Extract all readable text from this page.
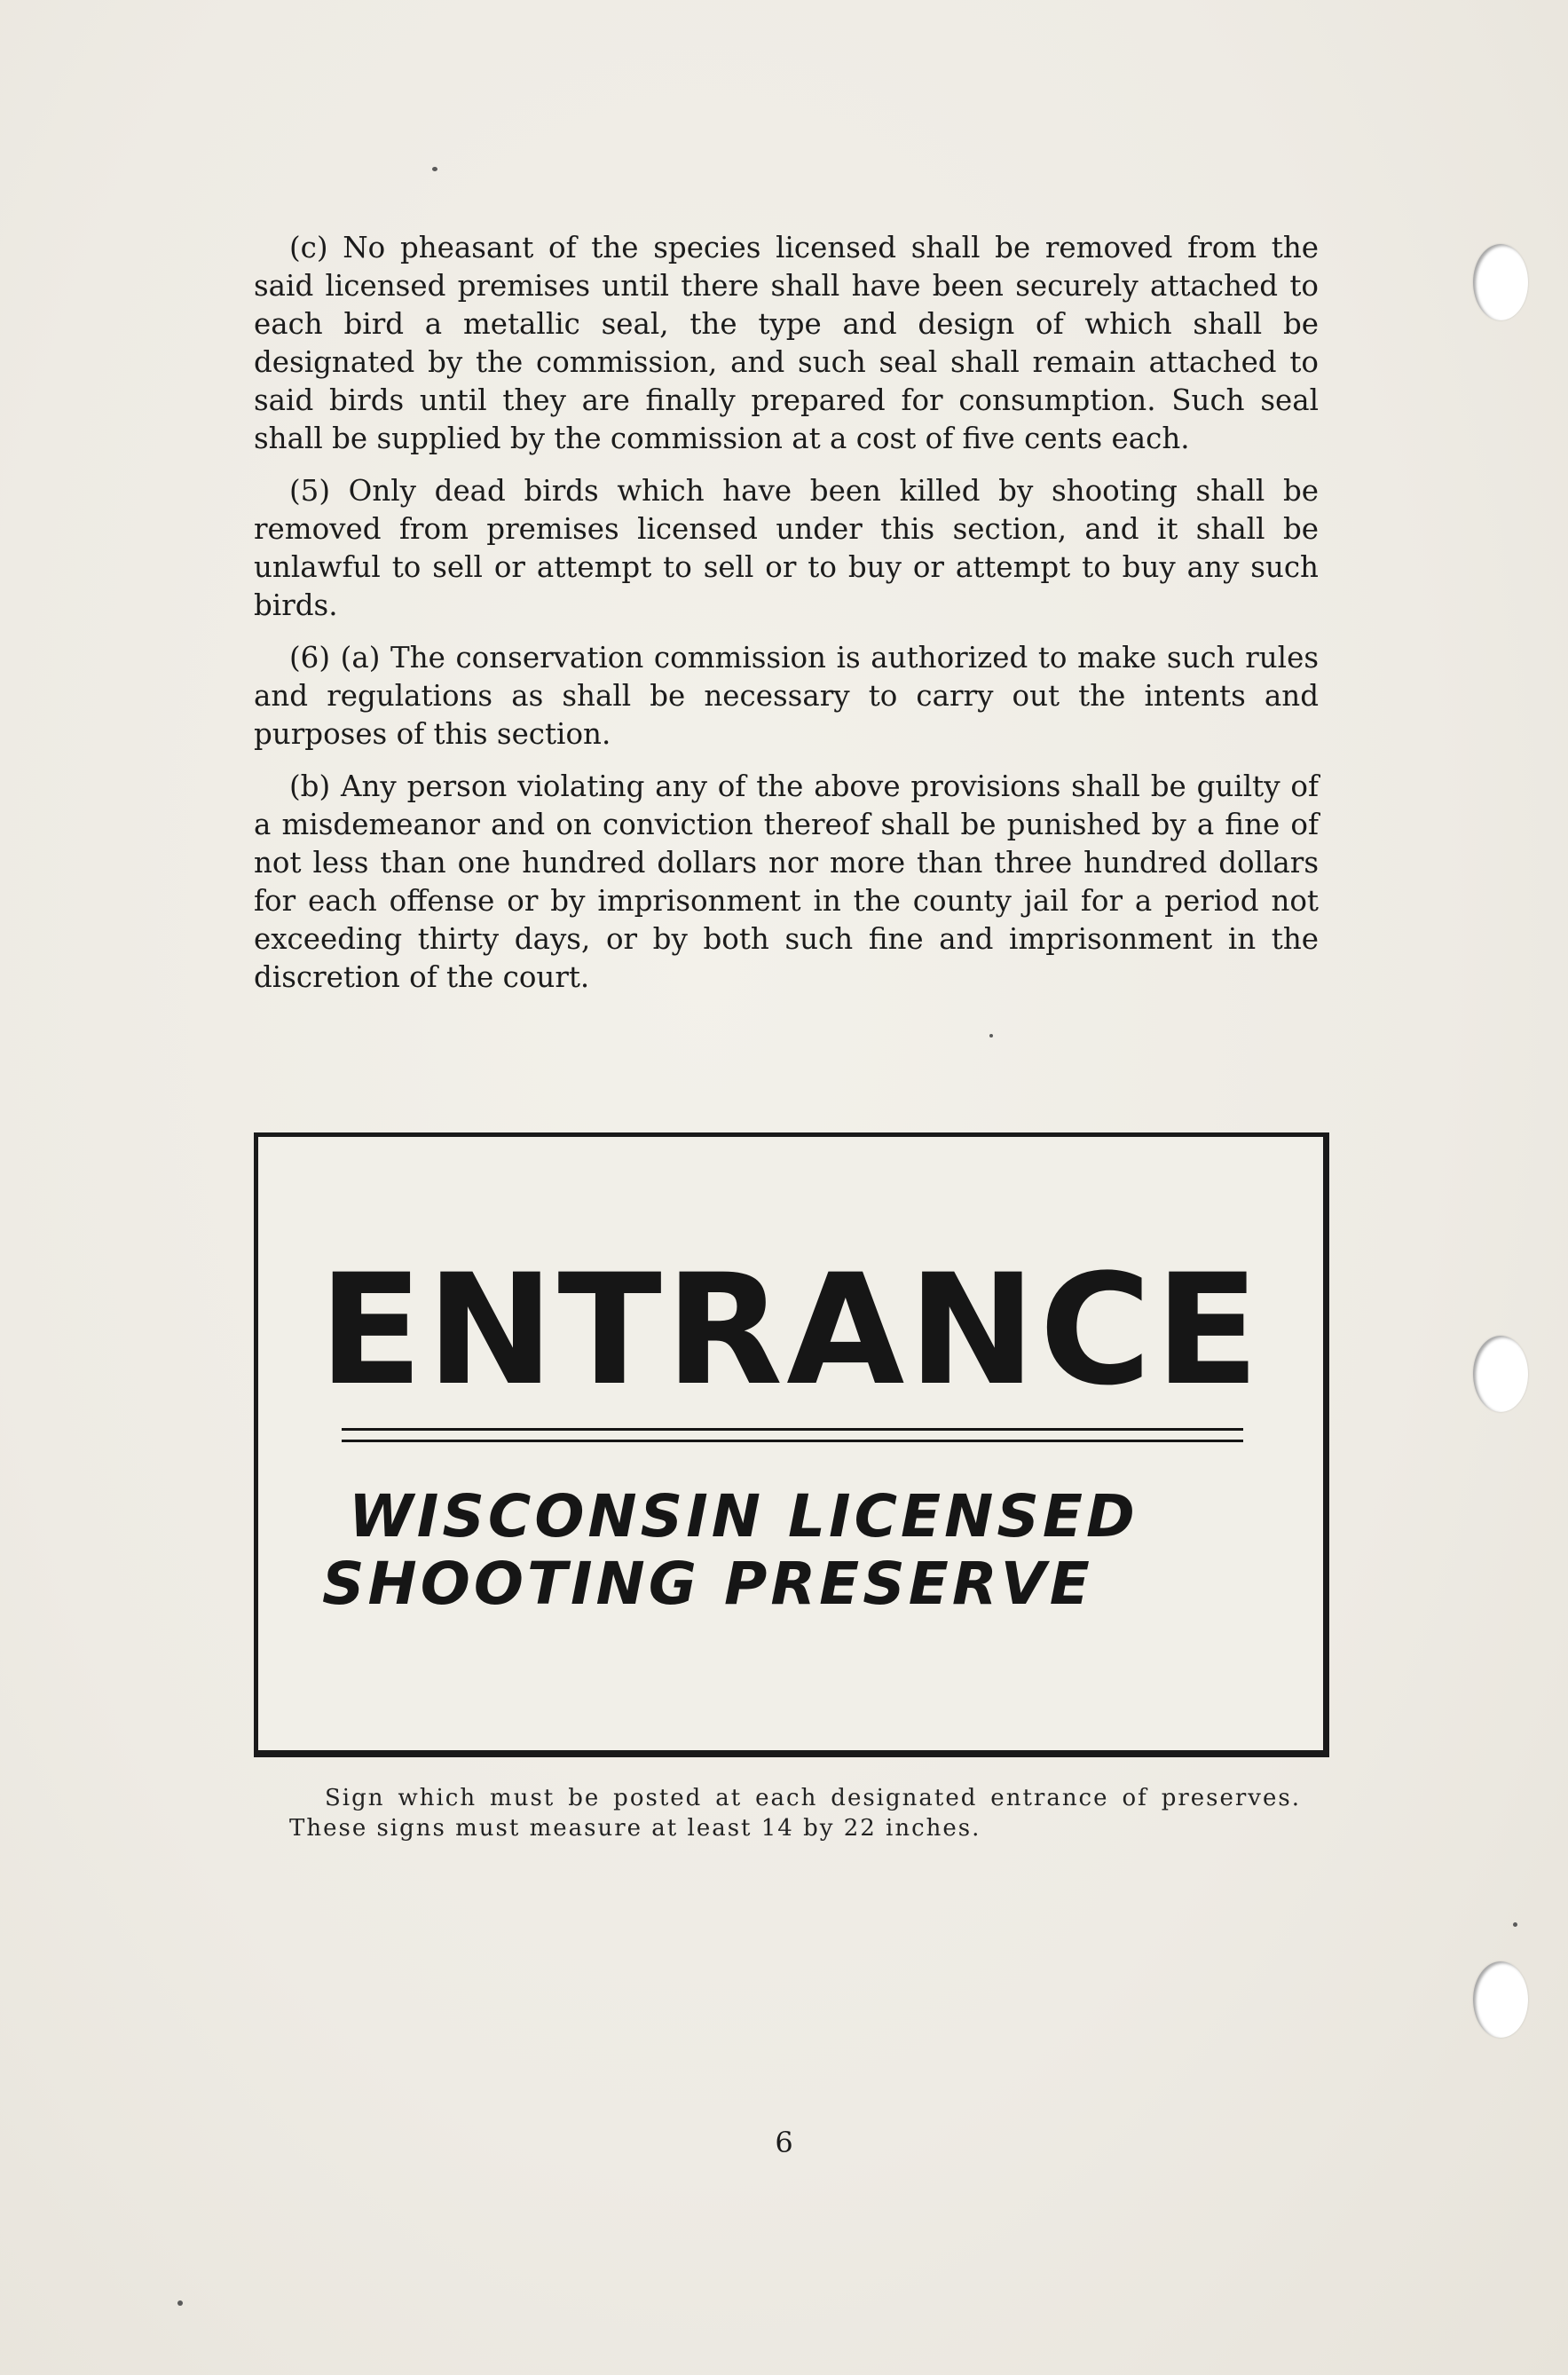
(c) No pheasant of the species licensed shall be removed from the said licensed premises until there shall have been securely attached to each bird a metallic seal, the type and design of which shall be designated by the commission, and such seal shall remain attached to said birds until they are finally prepared for consumption. Such seal shall be supplied by the commission at a cost of five cents each.

(5) Only dead birds which have been killed by shooting shall be removed from premises licensed under this section, and it shall be unlawful to sell or attempt to sell or to buy or attempt to buy any such birds.

(6) (a) The conservation commission is authorized to make such rules and regulations as shall be necessary to carry out the intents and purposes of this section.

(b) Any person violating any of the above provisions shall be guilty of a misdemeanor and on conviction thereof shall be punished by a fine of not less than one hundred dollars nor more than three hundred dollars for each offense or by imprisonment in the county jail for a period not exceeding thirty days, or by both such fine and imprisonment in the discretion of the court.

ENTRANCE
WISCONSIN LICENSED
SHOOTING PRESERVE
Sign which must be posted at each designated entrance of preserves. These signs must measure at least 14 by 22 inches.
6
